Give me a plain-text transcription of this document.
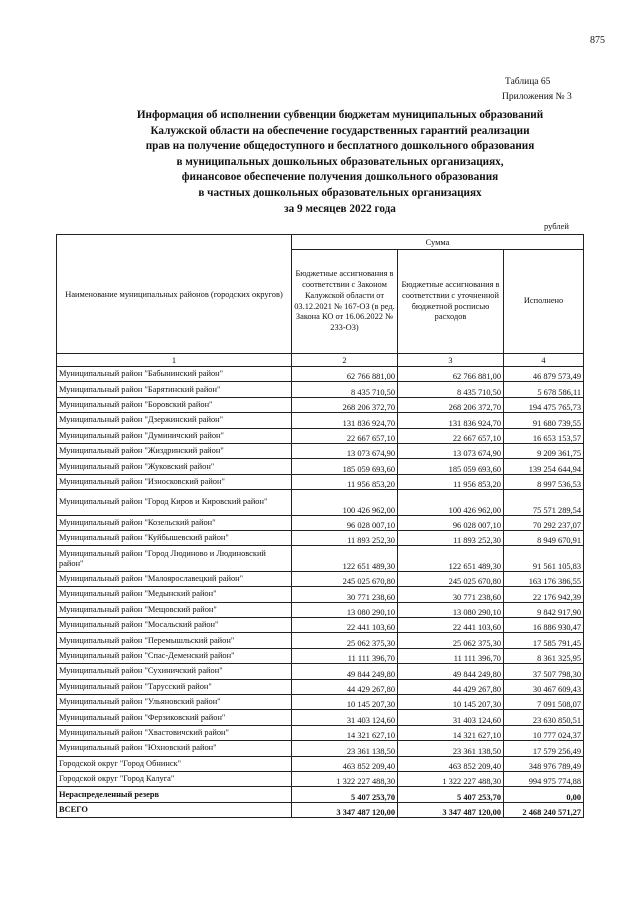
875
Таблица 65
Приложения № 3
Информация об исполнении субвенции бюджетам муниципальных образований
Калужской области на обеспечение государственных гарантий реализации
прав на получение общедоступного и бесплатного дошкольного образования
в муниципальных дошкольных образовательных организациях,
финансовое обеспечение получения дошкольного образования
в частных дошкольных образовательных организациях
за 9 месяцев 2022 года
рублей
Наименование муниципальных районов (городских округов)	Сумма		
	Бюджетные ассигнования в соответствии с Законом Калужской области от 03.12.2021 № 167-ОЗ (в ред. Закона КО от 16.06.2022 № 233-ОЗ)	Бюджетные ассигнования в соответствии с уточненной бюджетной росписью расходов	Исполнено
1	2	3	4
Муниципальный район "Бабынинский район"	62 766 881,00	62 766 881,00	46 879 573,49
Муниципальный район "Барятинский район"	8 435 710,50	8 435 710,50	5 678 586,11
Муниципальный район "Боровский район"	268 206 372,70	268 206 372,70	194 475 765,73
Муниципальный район "Дзержинский район"	131 836 924,70	131 836 924,70	91 680 739,55
Муниципальный район "Думиничский район"	22 667 657,10	22 667 657,10	16 653 153,57
Муниципальный район "Жиздринский район"	13 073 674,90	13 073 674,90	9 209 361,75
Муниципальный район "Жуковский район"	185 059 693,60	185 059 693,60	139 254 644,94
Муниципальный район "Износковский район"	11 956 853,20	11 956 853,20	8 997 536,53
Муниципальный район "Город Киров и Кировский район"	100 426 962,00	100 426 962,00	75 571 289,54
Муниципальный район "Козельский район"	96 028 007,10	96 028 007,10	70 292 237,07
Муниципальный район "Куйбышевский район"	11 893 252,30	11 893 252,30	8 949 670,91
Муниципальный район "Город Людиново и Людиновский район"	122 651 489,30	122 651 489,30	91 561 105,83
Муниципальный район "Малоярославецкий район"	245 025 670,80	245 025 670,80	163 176 386,55
Муниципальный район "Медынский район"	30 771 238,60	30 771 238,60	22 176 942,39
Муниципальный район "Мещовский район"	13 080 290,10	13 080 290,10	9 842 917,90
Муниципальный район "Мосальский район"	22 441 103,60	22 441 103,60	16 886 930,47
Муниципальный район "Перемышльский район"	25 062 375,30	25 062 375,30	17 585 791,45
Муниципальный район "Спас-Деменский район"	11 111 396,70	11 111 396,70	8 361 325,95
Муниципальный район "Сухиничский район"	49 844 249,80	49 844 249,80	37 507 798,30
Муниципальный район "Тарусский район"	44 429 267,80	44 429 267,80	30 467 609,43
Муниципальный район "Ульяновский район"	10 145 207,30	10 145 207,30	7 091 508,07
Муниципальный район "Ферзиковский район"	31 403 124,60	31 403 124,60	23 630 850,51
Муниципальный район "Хвастовичский район"	14 321 627,10	14 321 627,10	10 777 024,37
Муниципальный район "Юхновский район"	23 361 138,50	23 361 138,50	17 579 256,49
Городской округ "Город Обнинск"	463 852 209,40	463 852 209,40	348 976 789,49
Городской округ "Город Калуга"	1 322 227 488,30	1 322 227 488,30	994 975 774,88
Нераспределенный резерв	5 407 253,70	5 407 253,70	0,00
ВСЕГО	3 347 487 120,00	3 347 487 120,00	2 468 240 571,27
